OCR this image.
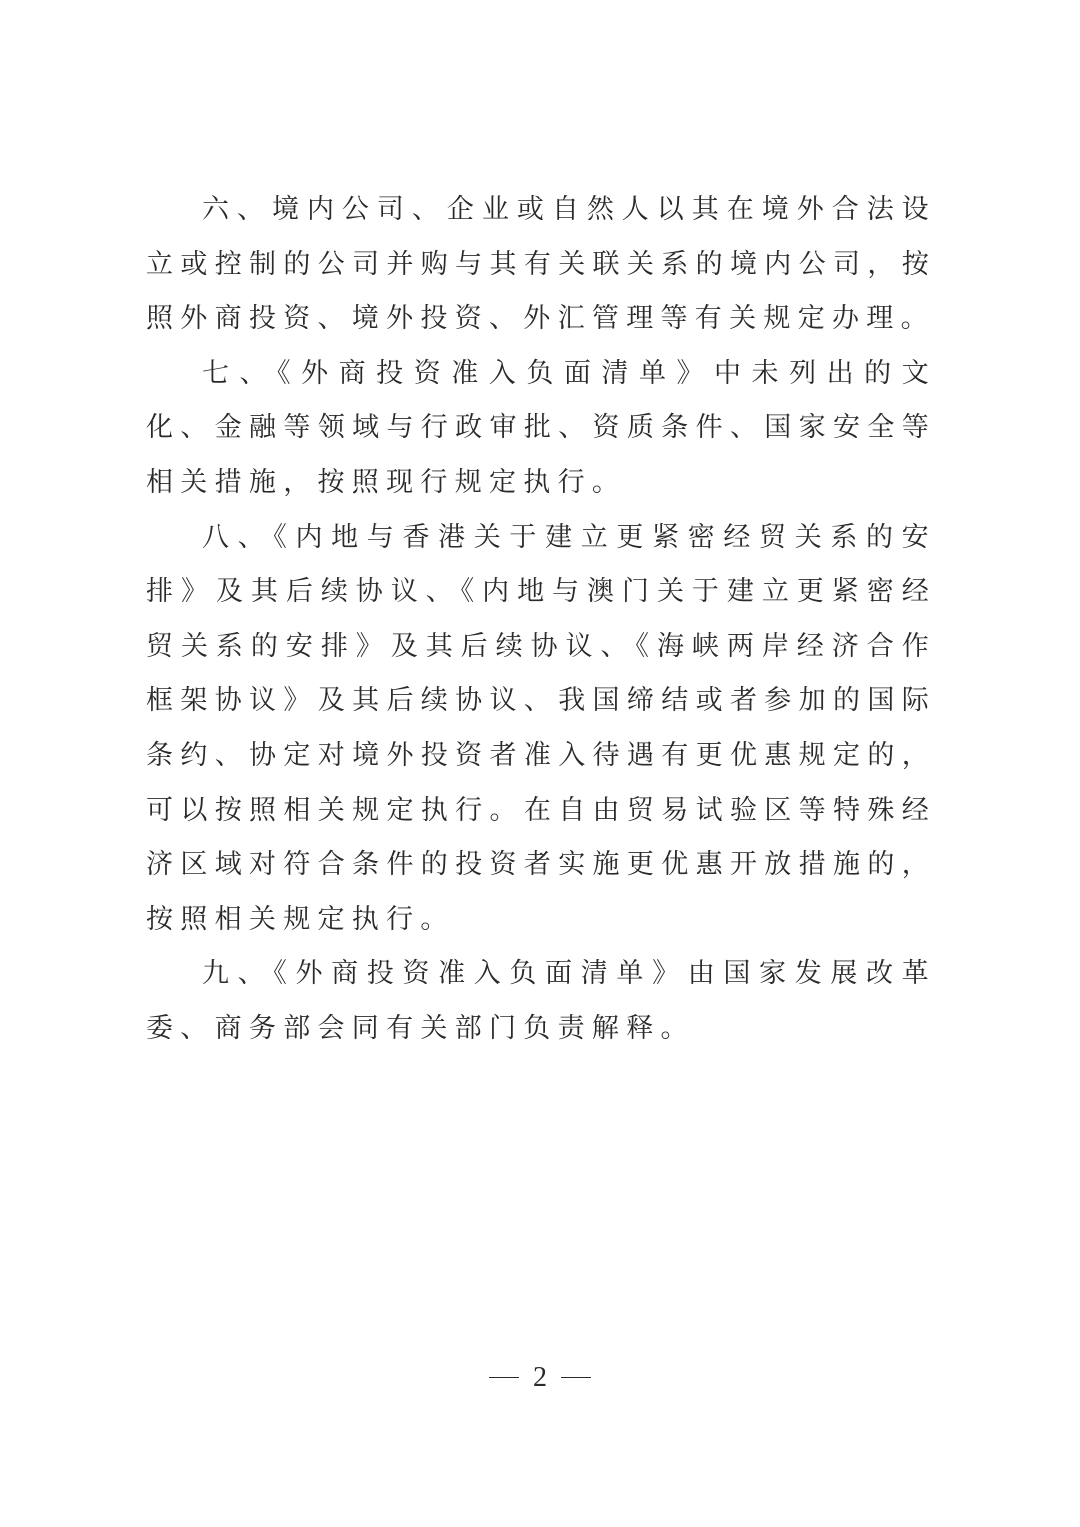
六、境内公司、企业或自然人以其在境外合法设立或控制的公司并购与其有关联关系的境内公司，按照外商投资、境外投资、外汇管理等有关规定办理。

七、《外商投资准入负面清单》中未列出的文化、金融等领域与行政审批、资质条件、国家安全等相关措施，按照现行规定执行。

八、《内地与香港关于建立更紧密经贸关系的安排》及其后续协议、《内地与澳门关于建立更紧密经贸关系的安排》及其后续协议、《海峡两岸经济合作框架协议》及其后续协议、我国缔结或者参加的国际条约、协定对境外投资者准入待遇有更优惠规定的，可以按照相关规定执行。在自由贸易试验区等特殊经济区域对符合条件的投资者实施更优惠开放措施的，按照相关规定执行。

九、《外商投资准入负面清单》由国家发展改革委、商务部会同有关部门负责解释。

2
